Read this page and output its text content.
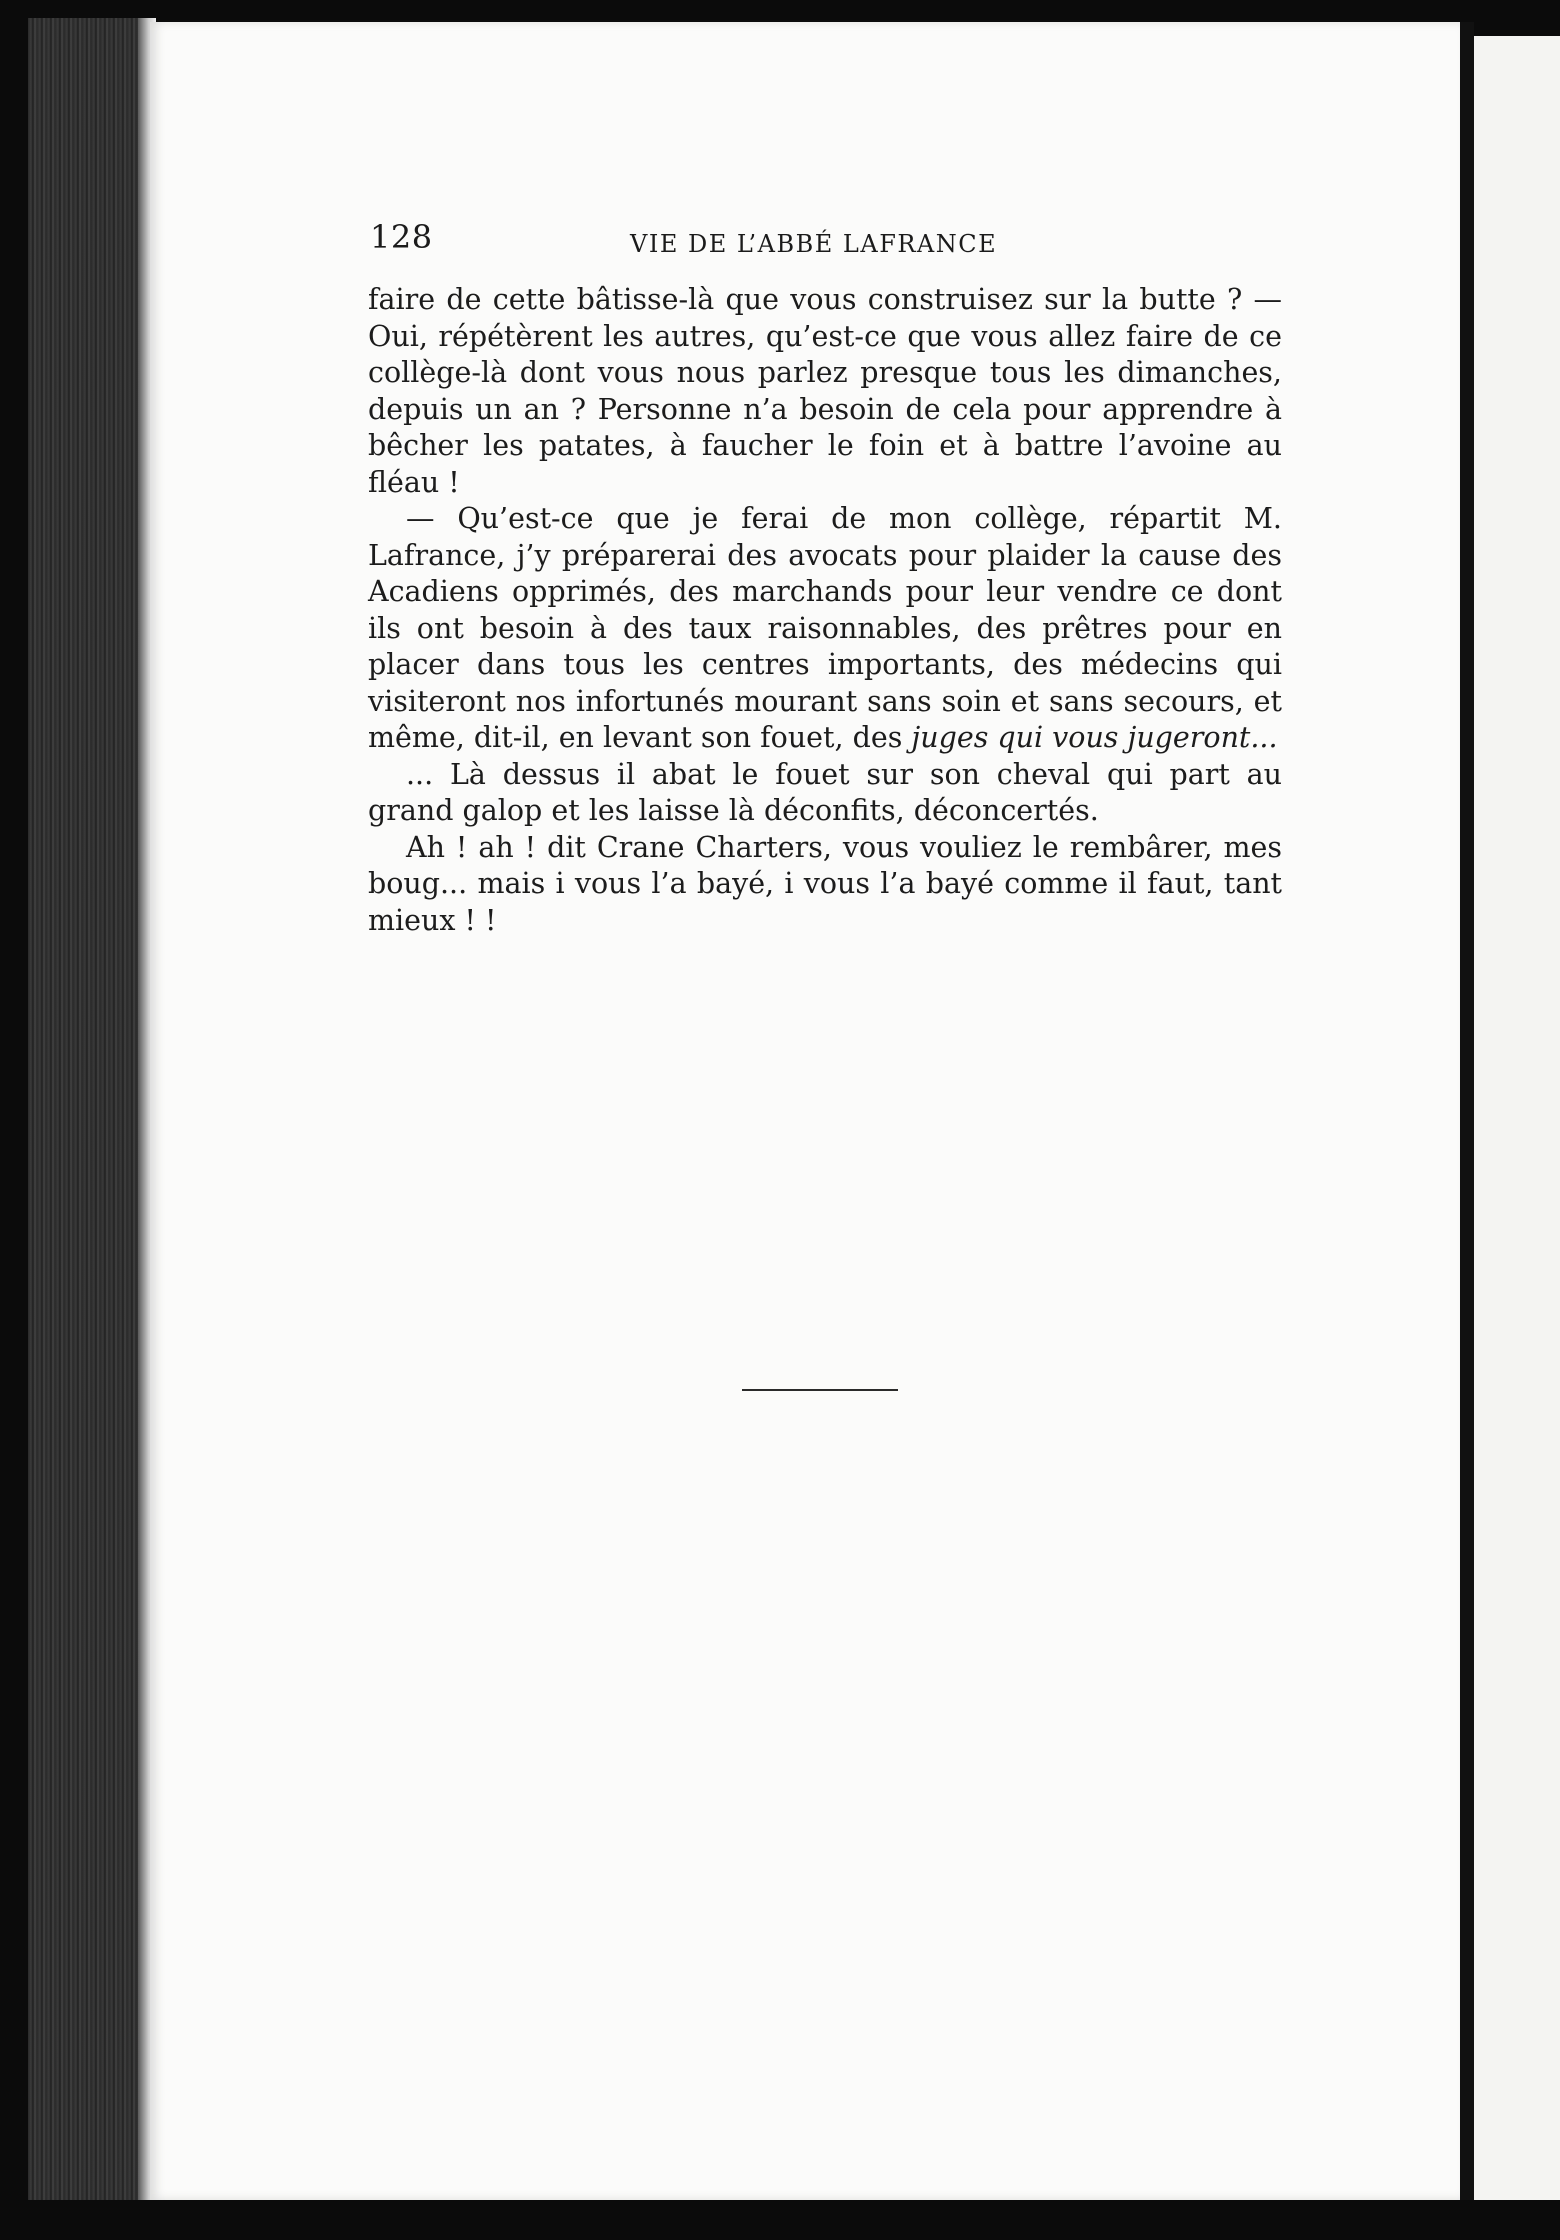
128	VIE DE L’ABBÉ LAFRANCE

faire de cette bâtisse-là que vous construisez sur la butte ? — Oui, répétèrent les autres, qu’est-ce que vous allez faire de ce collège-là dont vous nous parlez presque tous les dimanches, depuis un an ? Personne n’a besoin de cela pour apprendre à bêcher les patates, à faucher le foin et à battre l’avoine au fléau !

— Qu’est-ce que je ferai de mon collège, répartit M. Lafrance, j’y préparerai des avocats pour plaider la cause des Acadiens opprimés, des marchands pour leur vendre ce dont ils ont besoin à des taux raisonnables, des prêtres pour en placer dans tous les centres importants, des médecins qui visiteront nos infortunés mourant sans soin et sans secours, et même, dit-il, en levant son fouet, des juges qui vous jugeront...

... Là dessus il abat le fouet sur son cheval qui part au grand galop et les laisse là déconfits, déconcertés.

Ah ! ah ! dit Crane Charters, vous vouliez le rembârer, mes boug... mais i vous l’a bayé, i vous l’a bayé comme il faut, tant mieux ! !
